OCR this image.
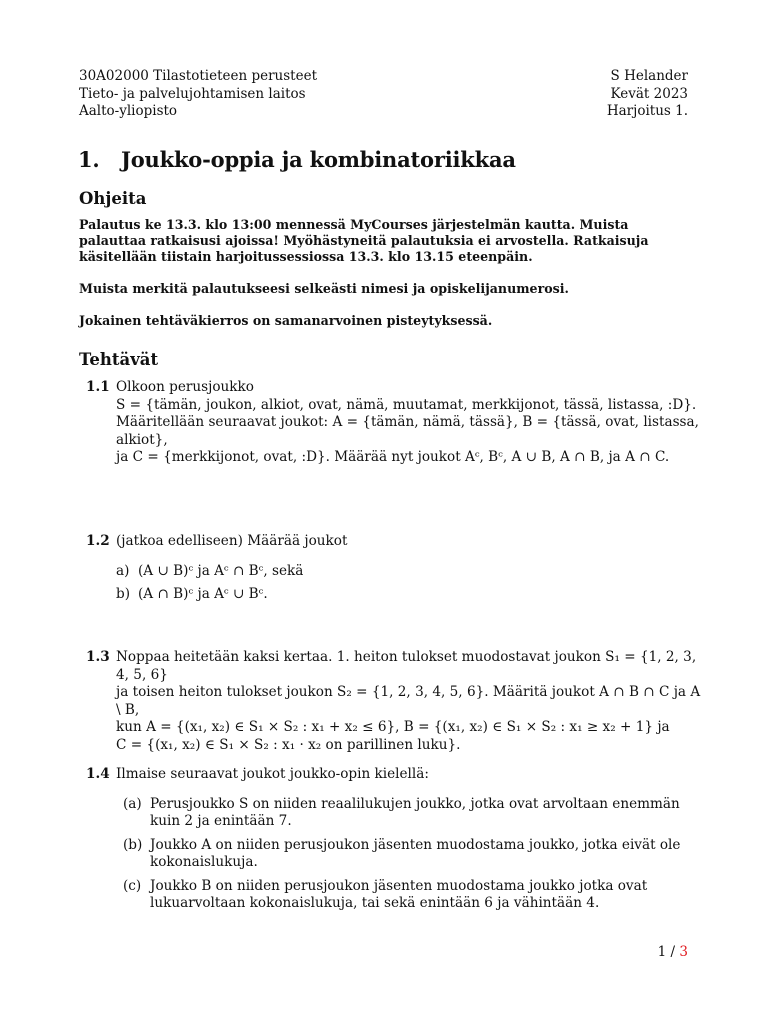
30A02000 Tilastotieteen perusteet
Tieto- ja palvelujohtamisen laitos
Aalto-yliopisto
S Helander
Kevät 2023
Harjoitus 1.
1. Joukko-oppia ja kombinatoriikkaa
Ohjeita

Palautus ke 13.3. klo 13:00 mennessä MyCourses järjestelmän kautta. Muista palauttaa ratkaisusi ajoissa! Myöhästyneitä palautuksia ei arvostella. Ratkaisuja käsitellään tiistain harjoitussessiossa 13.3. klo 13.15 eteenpäin.

Muista merkitä palautukseesi selkeästi nimesi ja opiskelijanumerosi.

Jokainen tehtäväkierros on samanarvoinen pisteytyksessä.

Tehtävät
1.1 Olkoon perusjoukko

S = {tämän, joukon, alkiot, ovat, nämä, muutamat, merkkijonot, tässä, listassa, :D}.

Määritellään seuraavat joukot: A = {tämän, nämä, tässä}, B = {tässä, ovat, listassa, alkiot},

ja C = {merkkijonot, ovat, :D}. Määrää nyt joukot Aᶜ, Bᶜ, A ∪ B, A ∩ B, ja A ∩ C.

1.2 (jatkoa edelliseen) Määrää joukot

a) (A ∪ B)ᶜ ja Aᶜ ∩ Bᶜ, sekä
b) (A ∩ B)ᶜ ja Aᶜ ∪ Bᶜ.
1.3 Noppaa heitetään kaksi kertaa. 1. heiton tulokset muodostavat joukon S₁ = {1, 2, 3, 4, 5, 6}

ja toisen heiton tulokset joukon S₂ = {1, 2, 3, 4, 5, 6}. Määritä joukot A ∩ B ∩ C ja A \ B,

kun A = {(x₁, x₂) ∈ S₁ × S₂ : x₁ + x₂ ≤ 6}, B = {(x₁, x₂) ∈ S₁ × S₂ : x₁ ≥ x₂ + 1} ja

C = {(x₁, x₂) ∈ S₁ × S₂ : x₁ · x₂ on parillinen luku}.

1.4 Ilmaise seuraavat joukot joukko-opin kielellä:

(a) Perusjoukko S on niiden reaalilukujen joukko, jotka ovat arvoltaan enemmän kuin 2 ja enintään 7.
(b) Joukko A on niiden perusjoukon jäsenten muodostama joukko, jotka eivät ole kokonaislukuja.
(c) Joukko B on niiden perusjoukon jäsenten muodostama joukko jotka ovat lukuarvoltaan kokonaislukuja, tai sekä enintään 6 ja vähintään 4.
1 / 3
